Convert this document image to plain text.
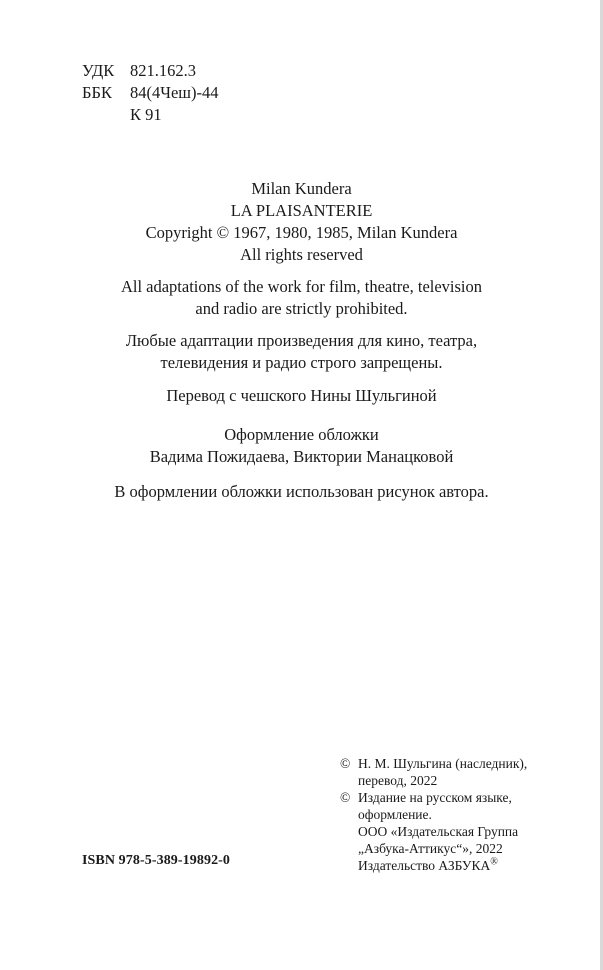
УДК 821.162.3
ББК	84(4Чеш)-44
К 91
Milan Kundera
LA PLAISANTERIE
Copyright © 1967, 1980, 1985, Milan Kundera
All rights reserved
All adaptations of the work for film, theatre, television
and radio are strictly prohibited.
Любые адаптации произведения для кино, театра,
телевидения и радио строго запрещены.
Перевод с чешского Нины Шульгиной
Оформление обложки
Вадима Пожидаева, Виктории Манацковой
В оформлении обложки использован рисунок автора.
ISBN 978-5-389-19892-0
© Н. М. Шульгина (наследник),
перевод, 2022
© Издание на русском языке,
оформление.
ООО «Издательская Группа
„Азбука-Аттикус“», 2022
Издательство АЗБУКА®
